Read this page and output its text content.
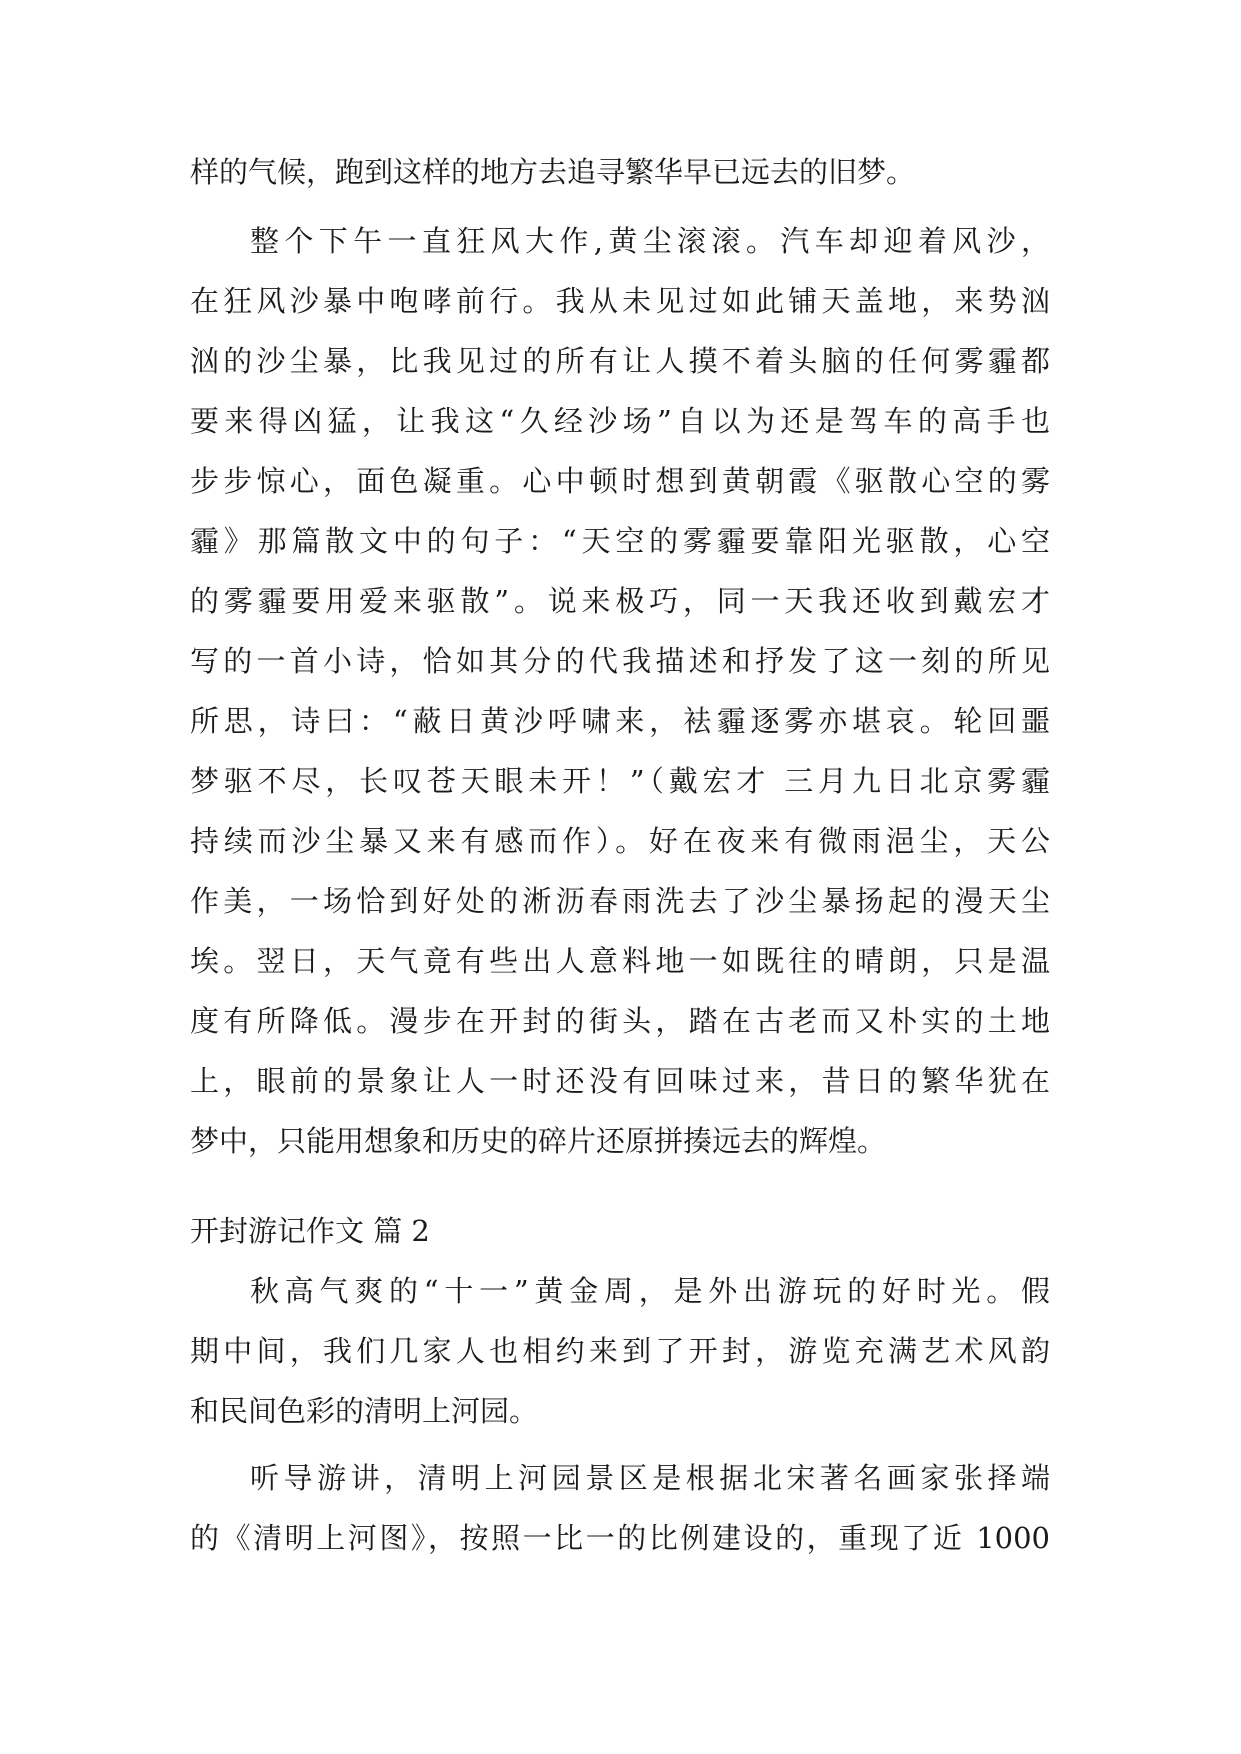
样的气候，跑到这样的地方去追寻繁华早已远去的旧梦。
整个下午一直狂风大作,黄尘滚滚。汽车却迎着风沙，
在狂风沙暴中咆哮前行。我从未见过如此铺天盖地，来势汹
汹的沙尘暴，比我见过的所有让人摸不着头脑的任何雾霾都
要来得凶猛，让我这“久经沙场”自以为还是驾车的高手也
步步惊心，面色凝重。心中顿时想到黄朝霞《驱散心空的雾
霾》那篇散文中的句子：“天空的雾霾要靠阳光驱散，心空
的雾霾要用爱来驱散”。说来极巧，同一天我还收到戴宏才
写的一首小诗，恰如其分的代我描述和抒发了这一刻的所见
所思，诗曰：“蔽日黄沙呼啸来，袪霾逐雾亦堪哀。轮回噩
梦驱不尽，长叹苍天眼未开！”（戴宏才 三月九日北京雾霾
持续而沙尘暴又来有感而作）。好在夜来有微雨浥尘，天公
作美，一场恰到好处的淅沥春雨洗去了沙尘暴扬起的漫天尘
埃。翌日，天气竟有些出人意料地一如既往的晴朗，只是温
度有所降低。漫步在开封的街头，踏在古老而又朴实的土地
上，眼前的景象让人一时还没有回味过来，昔日的繁华犹在
梦中，只能用想象和历史的碎片还原拼揍远去的辉煌。
开封游记作文 篇 2
秋高气爽的“十一”黄金周，是外出游玩的好时光。假
期中间，我们几家人也相约来到了开封，游览充满艺术风韵
和民间色彩的清明上河园。
听导游讲，清明上河园景区是根据北宋著名画家张择端
的《清明上河图》，按照一比一的比例建设的，重现了近 1000
